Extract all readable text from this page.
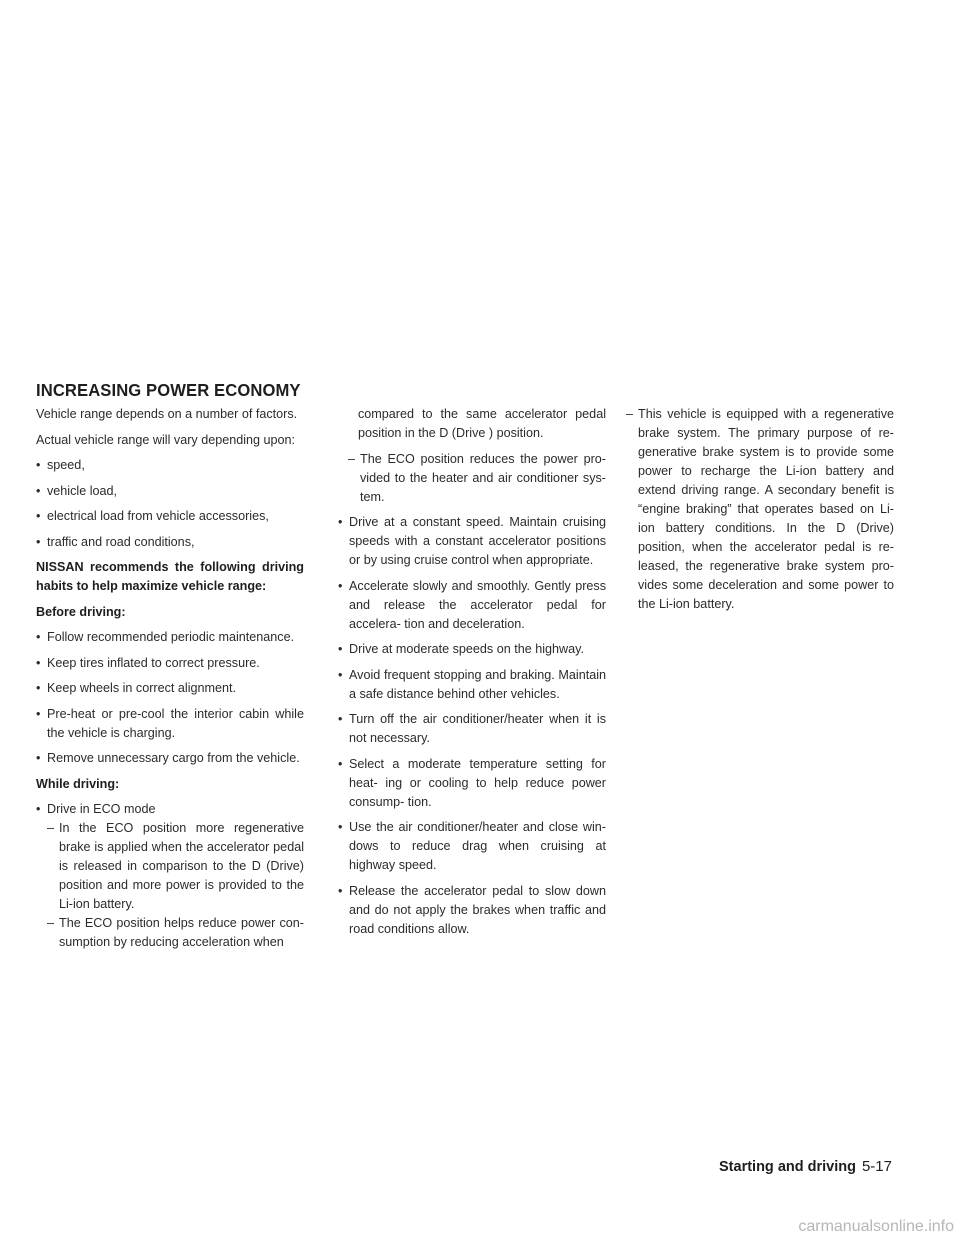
INCREASING POWER ECONOMY

Vehicle range depends on a number of factors.

Actual vehicle range will vary depending upon:

• speed,
• vehicle load,
• electrical load from vehicle accessories,
• traffic and road conditions,

NISSAN recommends the following driving habits to help maximize vehicle range:

Before driving:

• Follow recommended periodic maintenance.
• Keep tires inflated to correct pressure.
• Keep wheels in correct alignment.
• Pre-heat or pre-cool the interior cabin while the vehicle is charging.
• Remove unnecessary cargo from the vehicle.

While driving:

• Drive in ECO mode
– In the ECO position more regenerative brake is applied when the accelerator pedal is released in comparison to the D (Drive) position and more power is provided to the Li-ion battery.
– The ECO position helps reduce power con- sumption by reducing acceleration when

compared to the same accelerator pedal position in the D (Drive ) position.

– The ECO position reduces the power pro- vided to the heater and air conditioner sys- tem.
• Drive at a constant speed. Maintain cruising speeds with a constant accelerator positions or by using cruise control when appropriate.
• Accelerate slowly and smoothly. Gently press and release the accelerator pedal for accelera- tion and deceleration.
• Drive at moderate speeds on the highway.
• Avoid frequent stopping and braking. Maintain a safe distance behind other vehicles.
• Turn off the air conditioner/heater when it is not necessary.
• Select a moderate temperature setting for heat- ing or cooling to help reduce power consump- tion.
• Use the air conditioner/heater and close win- dows to reduce drag when cruising at highway speed.
• Release the accelerator pedal to slow down and do not apply the brakes when traffic and road conditions allow.
– This vehicle is equipped with a regenerative brake system. The primary purpose of re- generative brake system is to provide some power to recharge the Li-ion battery and extend driving range. A secondary benefit is “engine braking” that operates based on Li-ion battery conditions. In the D (Drive) position, when the accelerator pedal is re- leased, the regenerative brake system pro- vides some deceleration and some power to the Li-ion battery.
Starting and driving 5-17
carmanualsonline.info
